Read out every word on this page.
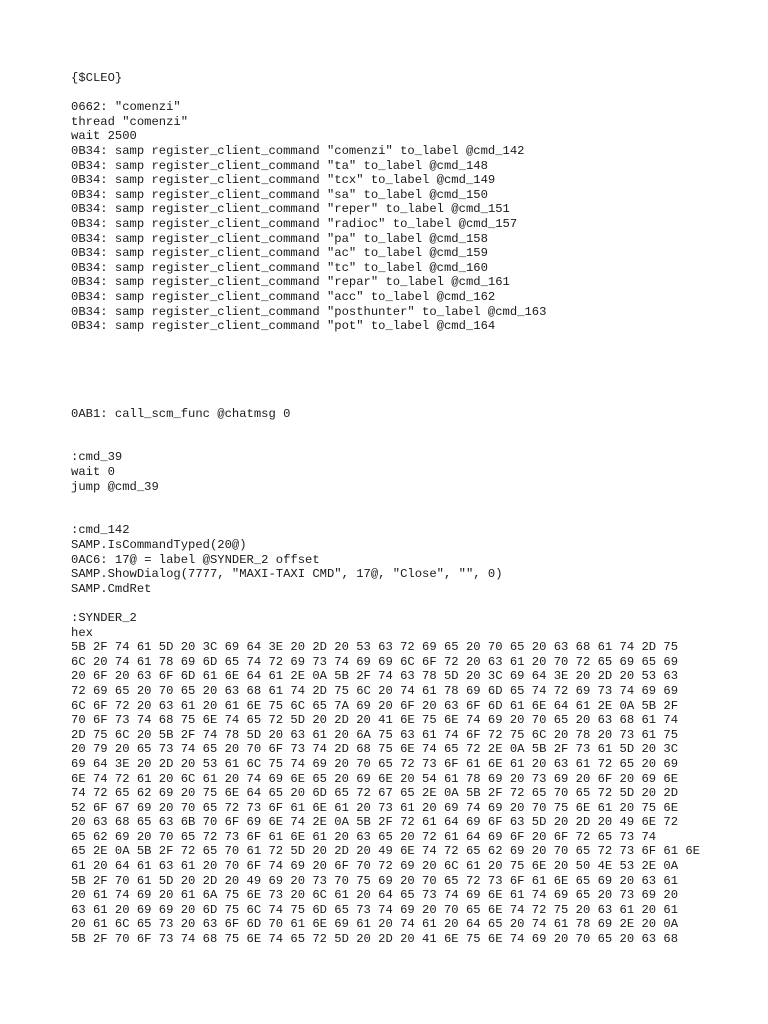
{$CLEO}
0662: "comenzi"
thread "comenzi"
wait 2500
0B34: samp register_client_command "comenzi" to_label @cmd_142
0B34: samp register_client_command "ta" to_label @cmd_148
0B34: samp register_client_command "tcx" to_label @cmd_149
0B34: samp register_client_command "sa" to_label @cmd_150
0B34: samp register_client_command "reper" to_label @cmd_151
0B34: samp register_client_command "radioc" to_label @cmd_157
0B34: samp register_client_command "pa" to_label @cmd_158
0B34: samp register_client_command "ac" to_label @cmd_159
0B34: samp register_client_command "tc" to_label @cmd_160
0B34: samp register_client_command "repar" to_label @cmd_161
0B34: samp register_client_command "acc" to_label @cmd_162
0B34: samp register_client_command "posthunter" to_label @cmd_163
0B34: samp register_client_command "pot" to_label @cmd_164
0AB1: call_scm_func @chatmsg 0
:cmd_39
wait 0
jump @cmd_39
:cmd_142
SAMP.IsCommandTyped(20@)
0AC6: 17@ = label @SYNDER_2 offset
SAMP.ShowDialog(7777, "MAXI-TAXI CMD", 17@, "Close", "", 0)
SAMP.CmdRet
:SYNDER_2
hex
5B 2F 74 61 5D 20 3C 69 64 3E 20 2D 20 53 63 72 69 65 20 70 65 20 63 68 61 74 2D 75
6C 20 74 61 78 69 6D 65 74 72 69 73 74 69 69 6C 6F 72 20 63 61 20 70 72 65 69 65 69
20 6F 20 63 6F 6D 61 6E 64 61 2E 0A 5B 2F 74 63 78 5D 20 3C 69 64 3E 20 2D 20 53 63
72 69 65 20 70 65 20 63 68 61 74 2D 75 6C 20 74 61 78 69 6D 65 74 72 69 73 74 69 69
6C 6F 72 20 63 61 20 61 6E 75 6C 65 7A 69 20 6F 20 63 6F 6D 61 6E 64 61 2E 0A 5B 2F
70 6F 73 74 68 75 6E 74 65 72 5D 20 2D 20 41 6E 75 6E 74 69 20 70 65 20 63 68 61 74
2D 75 6C 20 5B 2F 74 78 5D 20 63 61 20 6A 75 63 61 74 6F 72 75 6C 20 78 20 73 61 75
20 79 20 65 73 74 65 20 70 6F 73 74 2D 68 75 6E 74 65 72 2E 0A 5B 2F 73 61 5D 20 3C
69 64 3E 20 2D 20 53 61 6C 75 74 69 20 70 65 72 73 6F 61 6E 61 20 63 61 72 65 20 69
6E 74 72 61 20 6C 61 20 74 69 6E 65 20 69 6E 20 54 61 78 69 20 73 69 20 6F 20 69 6E
74 72 65 62 69 20 75 6E 64 65 20 6D 65 72 67 65 2E 0A 5B 2F 72 65 70 65 72 5D 20 2D
52 6F 67 69 20 70 65 72 73 6F 61 6E 61 20 73 61 20 69 74 69 20 70 75 6E 61 20 75 6E
20 63 68 65 63 6B 70 6F 69 6E 74 2E 0A 5B 2F 72 61 64 69 6F 63 5D 20 2D 20 49 6E 72
65 62 69 20 70 65 72 73 6F 61 6E 61 20 63 65 20 72 61 64 69 6F 20 6F 72 65 73 74
65 2E 0A 5B 2F 72 65 70 61 72 5D 20 2D 20 49 6E 74 72 65 62 69 20 70 65 72 73 6F 61 6E
61 20 64 61 63 61 20 70 6F 74 69 20 6F 70 72 69 20 6C 61 20 75 6E 20 50 4E 53 2E 0A
5B 2F 70 61 5D 20 2D 20 49 69 20 73 70 75 69 20 70 65 72 73 6F 61 6E 65 69 20 63 61
20 61 74 69 20 61 6A 75 6E 73 20 6C 61 20 64 65 73 74 69 6E 61 74 69 65 20 73 69 20
63 61 20 69 69 20 6D 75 6C 74 75 6D 65 73 74 69 20 70 65 6E 74 72 75 20 63 61 20 61
20 61 6C 65 73 20 63 6F 6D 70 61 6E 69 61 20 74 61 20 64 65 20 74 61 78 69 2E 20 0A
5B 2F 70 6F 73 74 68 75 6E 74 65 72 5D 20 2D 20 41 6E 75 6E 74 69 20 70 65 20 63 68
